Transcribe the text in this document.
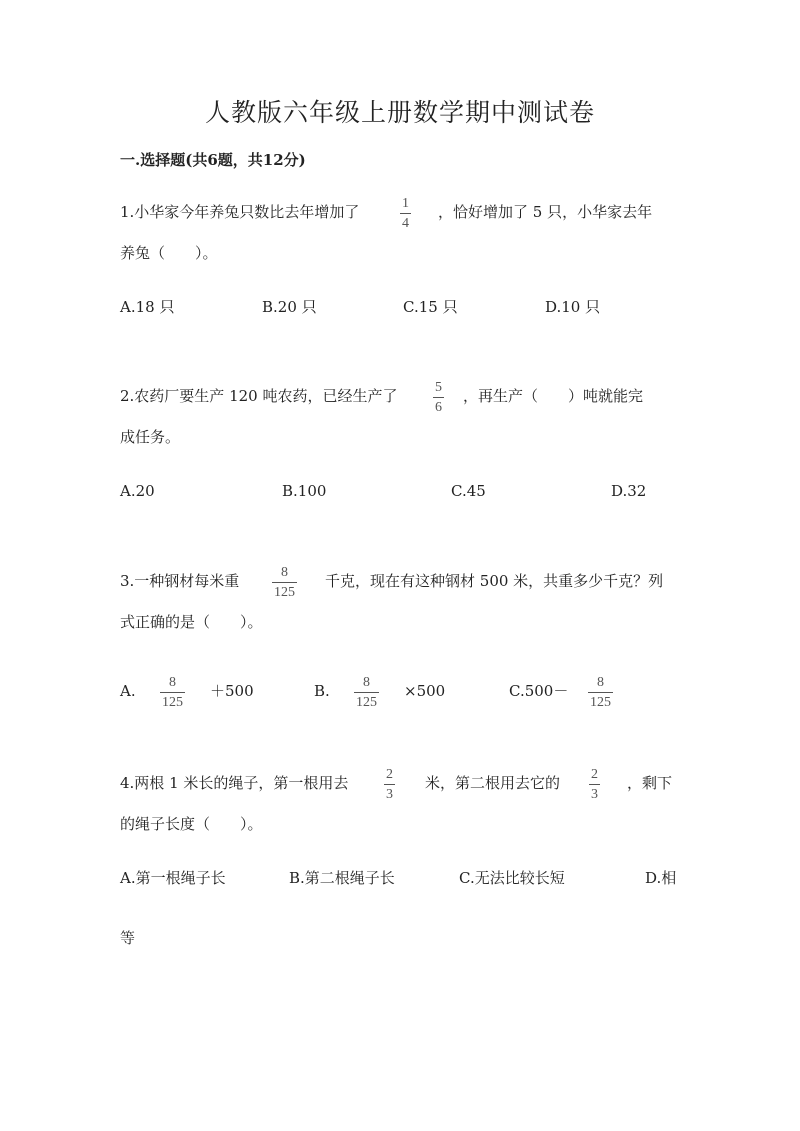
人教版六年级上册数学期中测试卷
一.选择题(共6题，共12分)
1.小华家今年养兔只数比去年增加了	1
4
，恰好增加了 5 只，小华家去年
养兔（　　）。
A.18 只	B.20 只	C.15 只	D.10 只
2.农药厂要生产 120 吨农药，已经生产了	5
6
，再生产（　　）吨就能完
成任务。
A.20	B.100	C.45	D.32
3.一种钢材每米重	8
125
千克，现在有这种钢材 500 米，共重多少千克？列
式正确的是（　　）。
A. 8
125
＋500	B. 8
125
×500	C.500－ 8
125
4.两根 1 米长的绳子，第一根用去	2
3
米，第二根用去它的 2
3
，剩下
的绳子长度（　　）。
A.第一根绳子长	B.第二根绳子长	C.无法比较长短	D.相
等
